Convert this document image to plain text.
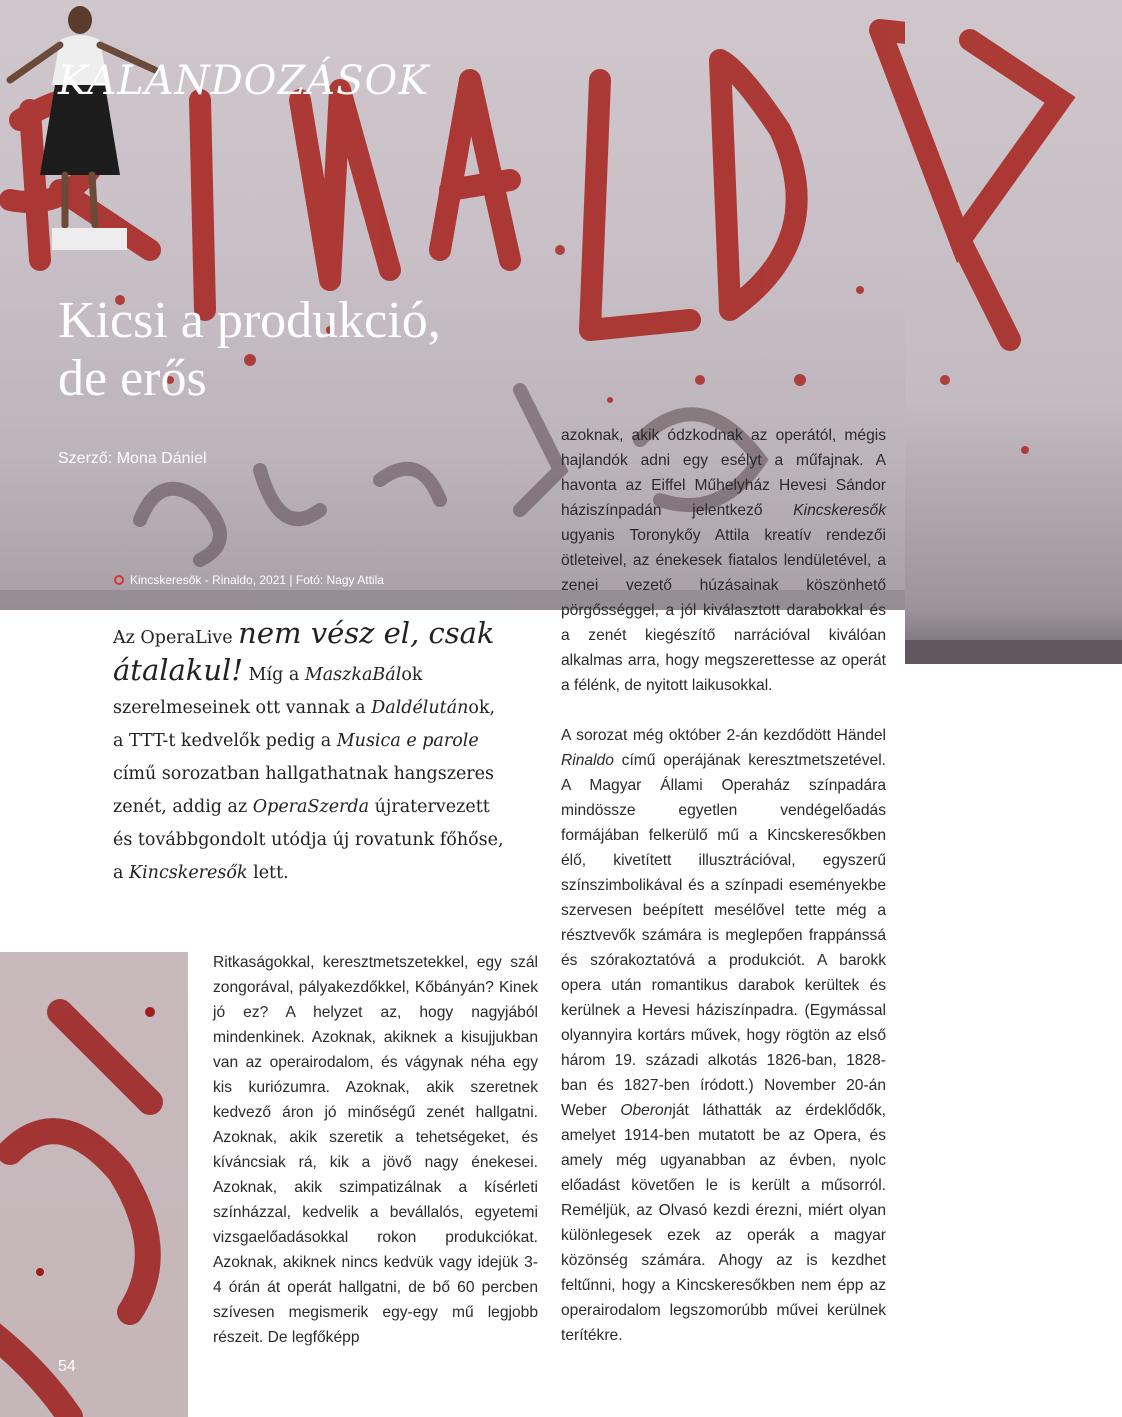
KALANDOZÁSOK
Kicsi a produkció,
de erős
Szerző: Mona Dániel
Kincskeresők - Rinaldo, 2021 | Fotó: Nagy Attila

Az OperaLive nem vész el, csak átalakul! Míg a MaszkaBálok szerelmeseinek ott vannak a Daldélutánok, a TTT-t kedvelők pedig a Musica e parole című sorozatban hallgathatnak hangszeres zenét, addig az OperaSzerda újratervezett és továbbgondolt utódja új rovatunk főhőse, a Kincskeresők lett.

Ritkaságokkal, keresztmetszetekkel, egy szál zongorával, pályakezdőkkel, Kőbányán? Kinek jó ez? A helyzet az, hogy nagyjából mindenkinek. Azoknak, akiknek a kisujjukban van az operairodalom, és vágynak néha egy kis kuriózumra. Azoknak, akik szeretnek kedvező áron jó minőségű zenét hallgatni. Azoknak, akik szeretik a tehetségeket, és kíváncsiak rá, kik a jövő nagy énekesei. Azoknak, akik szimpatizálnak a kísérleti színházzal, kedvelik a bevállalós, egyetemi vizsgaelőadásokkal rokon produkciókat. Azoknak, akiknek nincs kedvük vagy idejük 3-4 órán át operát hallgatni, de bő 60 percben szívesen megismerik egy-egy mű legjobb részeit. De legfőképp

azoknak, akik ódzkodnak az operától, mégis hajlandók adni egy esélyt a műfajnak. A havonta az Eiffel Műhelyház Hevesi Sándor háziszínpadán jelentkező Kincskeresők ugyanis Toronykőy Attila kreatív rendezői ötleteivel, az énekesek fiatalos lendületével, a zenei vezető húzásainak köszönhető pörgősséggel, a jól kiválasztott darabokkal és a zenét kiegészítő narrációval kiválóan alkalmas arra, hogy megszerettesse az operát a félénk, de nyitott laikusokkal.

A sorozat még október 2-án kezdődött Händel Rinaldo című operájának keresztmetszetével. A Magyar Állami Operaház színpadára mindössze egyetlen vendégelőadás formájában felkerülő mű a Kincskeresőkben élő, kivetített illusztrációval, egyszerű színszimbolikával és a színpadi eseményekbe szervesen beépített mesélővel tette még a résztvevők számára is meglepően frappánssá és szórakoztatóvá a produkciót. A barokk opera után romantikus darabok kerültek és kerülnek a Hevesi háziszínpadra. (Egymással olyannyira kortárs művek, hogy rögtön az első három 19. századi alkotás 1826-ban, 1828-ban és 1827-ben íródott.) November 20-án Weber Oberonját láthatták az érdeklődők, amelyet 1914-ben mutatott be az Opera, és amely még ugyanabban az évben, nyolc előadást követően le is került a műsorról. Reméljük, az Olvasó kezdi érezni, miért olyan különlegesek ezek az operák a magyar közönség számára. Ahogy az is kezdhet feltűnni, hogy a Kincskeresőkben nem épp az operairodalom legszomorúbb művei kerülnek terítékre.

54
